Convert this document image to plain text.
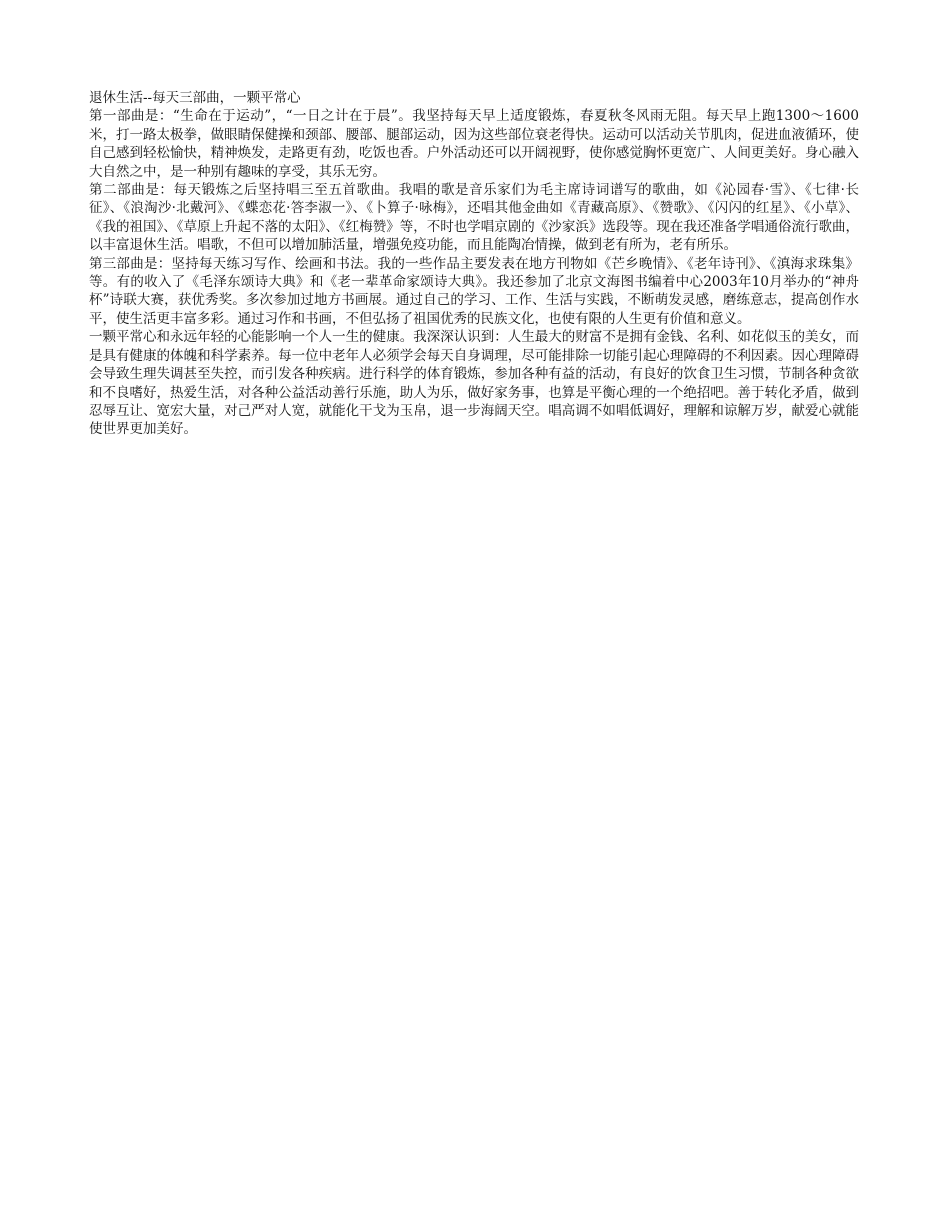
退休生活--每天三部曲，一颗平常心

第一部曲是：“生命在于运动”，“一日之计在于晨”。我坚持每天早上适度锻炼，春夏秋冬风雨无阻。每天早上跑1300～1600米，打一路太极拳，做眼睛保健操和颈部、腰部、腿部运动，因为这些部位衰老得快。运动可以活动关节肌肉，促进血液循环，使自己感到轻松愉快，精神焕发，走路更有劲，吃饭也香。户外活动还可以开阔视野，使你感觉胸怀更宽广、人间更美好。身心融入大自然之中，是一种别有趣味的享受，其乐无穷。

第二部曲是：每天锻炼之后坚持唱三至五首歌曲。我唱的歌是音乐家们为毛主席诗词谱写的歌曲，如《沁园春·雪》、《七律·长征》、《浪淘沙·北戴河》、《蝶恋花·答李淑一》、《卜算子·咏梅》，还唱其他金曲如《青藏高原》、《赞歌》、《闪闪的红星》、《小草》、《我的祖国》、《草原上升起不落的太阳》、《红梅赞》等，不时也学唱京剧的《沙家浜》选段等。现在我还准备学唱通俗流行歌曲，以丰富退休生活。唱歌，不但可以增加肺活量，增强免疫功能，而且能陶冶情操，做到老有所为，老有所乐。

第三部曲是：坚持每天练习写作、绘画和书法。我的一些作品主要发表在地方刊物如《芒乡晚情》、《老年诗刊》、《滇海求珠集》等。有的收入了《毛泽东颂诗大典》和《老一辈革命家颂诗大典》。我还参加了北京文海图书编着中心2003年10月举办的“神舟杯”诗联大赛，获优秀奖。多次参加过地方书画展。通过自己的学习、工作、生活与实践，不断萌发灵感，磨练意志，提高创作水平，使生活更丰富多彩。通过习作和书画，不但弘扬了祖国优秀的民族文化，也使有限的人生更有价值和意义。

一颗平常心和永远年轻的心能影响一个人一生的健康。我深深认识到：人生最大的财富不是拥有金钱、名利、如花似玉的美女，而是具有健康的体魄和科学素养。每一位中老年人必须学会每天自身调理，尽可能排除一切能引起心理障碍的不利因素。因心理障碍会导致生理失调甚至失控，而引发各种疾病。进行科学的体育锻炼，参加各种有益的活动，有良好的饮食卫生习惯，节制各种贪欲和不良嗜好，热爱生活，对各种公益活动善行乐施，助人为乐，做好家务事，也算是平衡心理的一个绝招吧。善于转化矛盾，做到忍辱互让、宽宏大量，对己严对人宽，就能化干戈为玉帛，退一步海阔天空。唱高调不如唱低调好，理解和谅解万岁，献爱心就能使世界更加美好。
